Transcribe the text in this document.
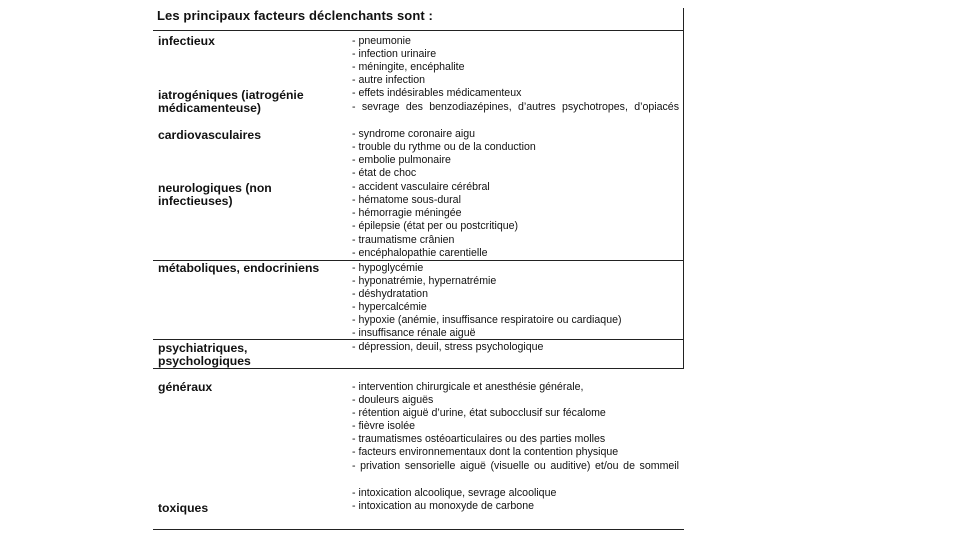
Les principaux facteurs déclenchants sont :
infectieux
iatrogéniques (iatrogénie médicamenteuse)
cardiovasculaires
neurologiques (non infectieuses)
métaboliques, endocriniens
psychiatriques, psychologiques
généraux
toxiques
- pneumonie
- infection urinaire
- méningite, encéphalite
- autre infection
- effets indésirables médicamenteux
- sevrage des benzodiazépines, d’autres psychotropes, d’opiacés
- syndrome coronaire aigu
- trouble du rythme ou de la conduction
- embolie pulmonaire
- état de choc
- accident vasculaire cérébral
- hématome sous-dural
- hémorragie méningée
- épilepsie (état per ou postcritique)
- traumatisme crânien
- encéphalopathie carentielle
- hypoglycémie
- hyponatrémie, hypernatrémie
- déshydratation
- hypercalcémie
- hypoxie (anémie, insuffisance respiratoire ou cardiaque)
- insuffisance rénale aiguë
- dépression, deuil, stress psychologique
- intervention chirurgicale et anesthésie générale,
- douleurs aiguës
- rétention aiguë d’urine, état subocclusif sur fécalome
- fièvre isolée
- traumatismes ostéoarticulaires ou des parties molles
- facteurs environnementaux dont la contention physique
- privation sensorielle aiguë (visuelle ou auditive) et/ou de sommeil
- intoxication alcoolique, sevrage alcoolique
- intoxication au monoxyde de carbone
